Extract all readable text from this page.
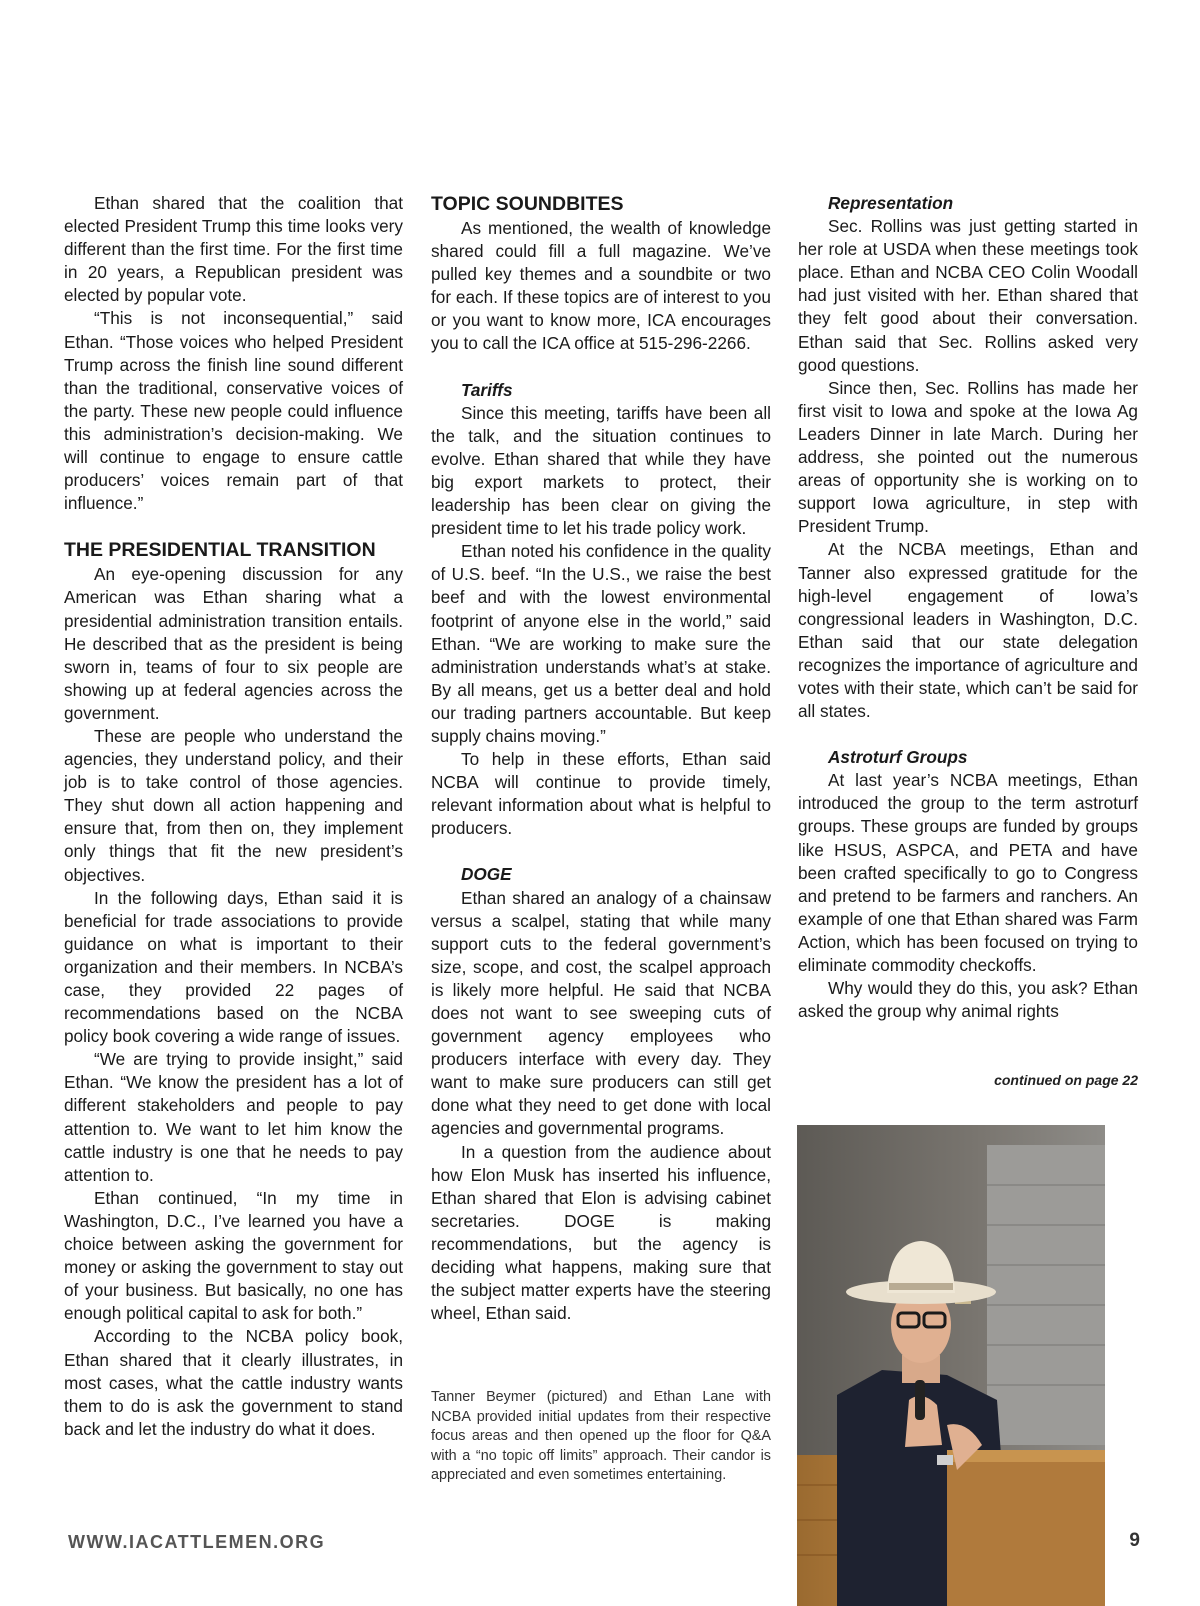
Ethan shared that the coalition that elected President Trump this time looks very different than the first time. For the first time in 20 years, a Republican president was elected by popular vote.

“This is not inconsequential,” said Ethan. “Those voices who helped President Trump across the finish line sound different than the traditional, conservative voices of the party. These new people could influence this administration’s decision-making. We will continue to engage to ensure cattle producers’ voices remain part of that influence.”

THE PRESIDENTIAL TRANSITION

An eye-opening discussion for any American was Ethan sharing what a presidential administration transition entails. He described that as the president is being sworn in, teams of four to six people are showing up at federal agencies across the government.

These are people who understand the agencies, they understand policy, and their job is to take control of those agencies. They shut down all action happening and ensure that, from then on, they implement only things that fit the new president’s objectives.

In the following days, Ethan said it is beneficial for trade associations to provide guidance on what is important to their organization and their members. In NCBA’s case, they provided 22 pages of recommendations based on the NCBA policy book covering a wide range of issues.

“We are trying to provide insight,” said Ethan. “We know the president has a lot of different stakeholders and people to pay attention to. We want to let him know the cattle industry is one that he needs to pay attention to.

Ethan continued, “In my time in Washington, D.C., I’ve learned you have a choice between asking the government for money or asking the government to stay out of your business. But basically, no one has enough political capital to ask for both.”

According to the NCBA policy book, Ethan shared that it clearly illustrates, in most cases, what the cattle industry wants them to do is ask the government to stand back and let the industry do what it does.

TOPIC SOUNDBITES

As mentioned, the wealth of knowledge shared could fill a full magazine. We’ve pulled key themes and a soundbite or two for each. If these topics are of interest to you or you want to know more, ICA encourages you to call the ICA office at 515-296-2266.

Tariffs

Since this meeting, tariffs have been all the talk, and the situation continues to evolve. Ethan shared that while they have big export markets to protect, their leadership has been clear on giving the president time to let his trade policy work.

Ethan noted his confidence in the quality of U.S. beef. “In the U.S., we raise the best beef and with the lowest environmental footprint of anyone else in the world,” said Ethan. “We are working to make sure the administration understands what’s at stake. By all means, get us a better deal and hold our trading partners accountable. But keep supply chains moving.”

To help in these efforts, Ethan said NCBA will continue to provide timely, relevant information about what is helpful to producers.

DOGE

Ethan shared an analogy of a chainsaw versus a scalpel, stating that while many support cuts to the federal government’s size, scope, and cost, the scalpel approach is likely more helpful. He said that NCBA does not want to see sweeping cuts of government agency employees who producers interface with every day. They want to make sure producers can still get done what they need to get done with local agencies and governmental programs.

In a question from the audience about how Elon Musk has inserted his influence, Ethan shared that Elon is advising cabinet secretaries. DOGE is making recommendations, but the agency is deciding what happens, making sure that the subject matter experts have the steering wheel, Ethan said.

Tanner Beymer (pictured) and Ethan Lane with NCBA provided initial updates from their respective focus areas and then opened up the floor for Q&A with a “no topic off limits” approach. Their candor is appreciated and even sometimes entertaining.
Representation

Sec. Rollins was just getting started in her role at USDA when these meetings took place. Ethan and NCBA CEO Colin Woodall had just visited with her. Ethan shared that they felt good about their conversation. Ethan said that Sec. Rollins asked very good questions.

Since then, Sec. Rollins has made her first visit to Iowa and spoke at the Iowa Ag Leaders Dinner in late March. During her address, she pointed out the numerous areas of opportunity she is working on to support Iowa agriculture, in step with President Trump.

At the NCBA meetings, Ethan and Tanner also expressed gratitude for the high-level engagement of Iowa’s congressional leaders in Washington, D.C. Ethan said that our state delegation recognizes the importance of agriculture and votes with their state, which can’t be said for all states.

Astroturf Groups

At last year’s NCBA meetings, Ethan introduced the group to the term astroturf groups. These groups are funded by groups like HSUS, ASPCA, and PETA and have been crafted specifically to go to Congress and pretend to be farmers and ranchers. An example of one that Ethan shared was Farm Action, which has been focused on trying to eliminate commodity checkoffs.

Why would they do this, you ask? Ethan asked the group why animal rights

continued on page 22
WWW.IACATTLEMEN.ORG	9
